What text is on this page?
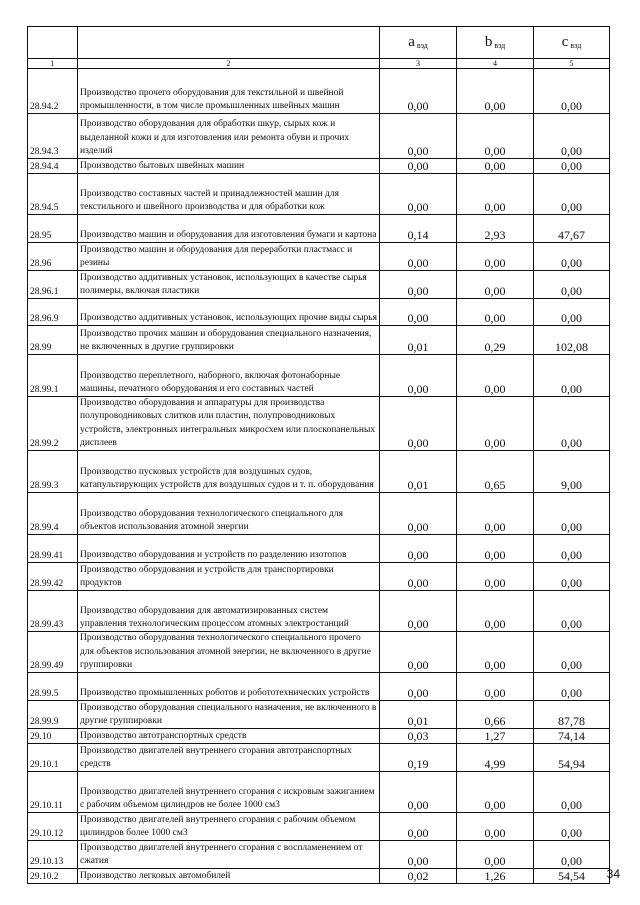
		a $_{вэд}$	b $_{вэд}$	c $_{вэд}$
1	2	3	4	5
28.94.2	Производство прочего оборудования для текстильной и швейной промышленности, в том числе промышленных швейных машин	0,00	0,00	0,00
28.94.3	Производство оборудования для обработки шкур, сырых кож и выделанной кожи и для изготовления или ремонта обуви и прочих изделий	0,00	0,00	0,00
28.94.4	Производство бытовых швейных машин	0,00	0,00	0,00
28.94.5	Производство составных частей и принадлежностей машин для текстильного и швейного производства и для обработки кож	0,00	0,00	0,00
28.95	Производство машин и оборудования для изготовления бумаги и картона	0,14	2,93	47,67
28.96	Производство машин и оборудования для переработки пластмасс и резины	0,00	0,00	0,00
28.96.1	Производство аддитивных установок, использующих в качестве сырья полимеры, включая пластики	0,00	0,00	0,00
28.96.9	Производство аддитивных установок, использующих прочие виды сырья	0,00	0,00	0,00
28.99	Производство прочих машин и оборудования специального назначения, не включенных в другие группировки	0,01	0,29	102,08
28.99.1	Производство переплетного, наборного, включая фотонаборные машины, печатного оборудования и его составных частей	0,00	0,00	0,00
28.99.2	Производство оборудования и аппаратуры для производства полупроводниковых слитков или пластин, полупроводниковых устройств, электронных интегральных микросхем или плоскопанельных дисплеев	0,00	0,00	0,00
28.99.3	Производство пусковых устройств для воздушных судов, катапультирующих устройств для воздушных судов и т. п. оборудования	0,01	0,65	9,00
28.99.4	Производство оборудования технологического специального для объектов использования атомной энергии	0,00	0,00	0,00
28.99.41	Производство оборудования и устройств по разделению изотопов	0,00	0,00	0,00
28.99.42	Производство оборудования и устройств для транспортировки продуктов	0,00	0,00	0,00
28.99.43	Производство оборудования для автоматизированных систем управления технологическим процессом атомных электростанций	0,00	0,00	0,00
28.99.49	Производство оборудования технологического специального прочего для объектов использования атомной энергии, не включенного в другие группировки	0,00	0,00	0,00
28.99.5	Производство промышленных роботов и робототехнических устройств	0,00	0,00	0,00
28.99.9	Производство оборудования специального назначения, не включенного в другие группировки	0,01	0,66	87,78
29.10	Производство автотранспортных средств	0,03	1,27	74,14
29.10.1	Производство двигателей внутреннего сгорания автотранспортных средств	0,19	4,99	54,94
29.10.11	Производство двигателей внутреннего сгорания с искровым зажиганием с рабочим объемом цилиндров не более 1000 см3	0,00	0,00	0,00
29.10.12	Производство двигателей внутреннего сгорания с рабочим объемом цилиндров более 1000 см3	0,00	0,00	0,00
29.10.13	Производство двигателей внутреннего сгорания с воспламенением от сжатия	0,00	0,00	0,00
29.10.2	Производство легковых автомобилей	0,02	1,26	54,54 34
